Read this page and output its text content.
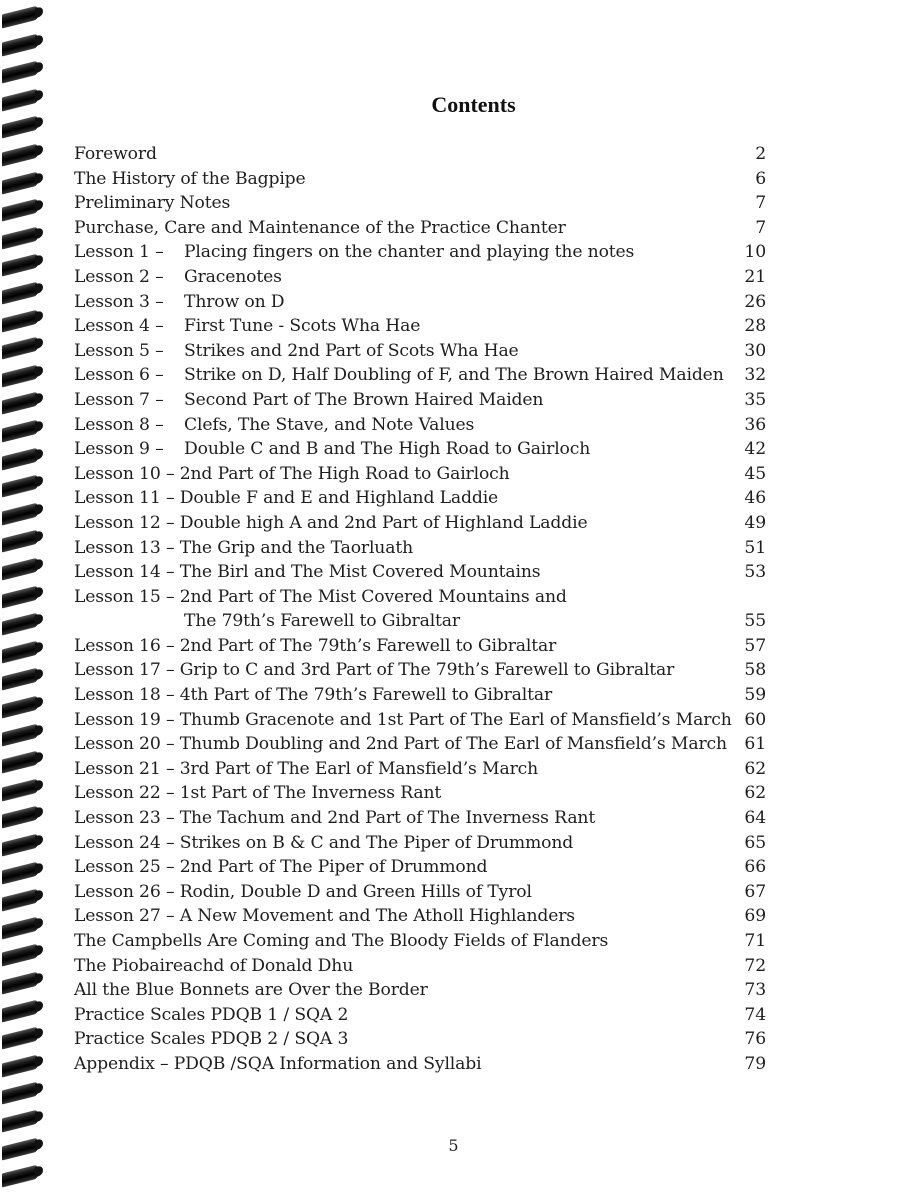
Contents
Foreword	2
The History of the Bagpipe	6
Preliminary Notes	7
Purchase, Care and Maintenance of the Practice Chanter	7
Lesson 1 – Placing fingers on the chanter and playing the notes	10
Lesson 2 – Gracenotes	21
Lesson 3 – Throw on D	26
Lesson 4 – First Tune - Scots Wha Hae	28
Lesson 5 – Strikes and 2nd Part of Scots Wha Hae	30
Lesson 6 – Strike on D, Half Doubling of F, and The Brown Haired Maiden 32
Lesson 7 – Second Part of The Brown Haired Maiden	35
Lesson 8 – Clefs, The Stave, and Note Values	36
Lesson 9 – Double C and B and The High Road to Gairloch	42
Lesson 10 – 2nd Part of The High Road to Gairloch	45
Lesson 11 – Double F and E and Highland Laddie	46
Lesson 12 – Double high A and 2nd Part of Highland Laddie	49
Lesson 13 – The Grip and the Taorluath	51
Lesson 14 – The Birl and The Mist Covered Mountains	53
Lesson 15 – 2nd Part of The Mist Covered Mountains and
The 79th’s Farewell to Gibraltar	55
Lesson 16 – 2nd Part of The 79th’s Farewell to Gibraltar	57
Lesson 17 – Grip to C and 3rd Part of The 79th’s Farewell to Gibraltar	58
Lesson 18 – 4th Part of The 79th’s Farewell to Gibraltar	59
Lesson 19 – Thumb Gracenote and 1st Part of The Earl of Mansfield’s March 60
Lesson 20 – Thumb Doubling and 2nd Part of The Earl of Mansfield’s March 61
Lesson 21 – 3rd Part of The Earl of Mansfield’s March	62
Lesson 22 – 1st Part of The Inverness Rant	62
Lesson 23 – The Tachum and 2nd Part of The Inverness Rant	64
Lesson 24 – Strikes on B & C and The Piper of Drummond	65
Lesson 25 – 2nd Part of The Piper of Drummond	66
Lesson 26 – Rodin, Double D and Green Hills of Tyrol	67
Lesson 27 – A New Movement and The Atholl Highlanders	69
The Campbells Are Coming and The Bloody Fields of Flanders	71
The Piobaireachd of Donald Dhu	72
All the Blue Bonnets are Over the Border	73
Practice Scales PDQB 1 / SQA 2	74
Practice Scales PDQB 2 / SQA 3	76
Appendix – PDQB /SQA Information and Syllabi	79
5
